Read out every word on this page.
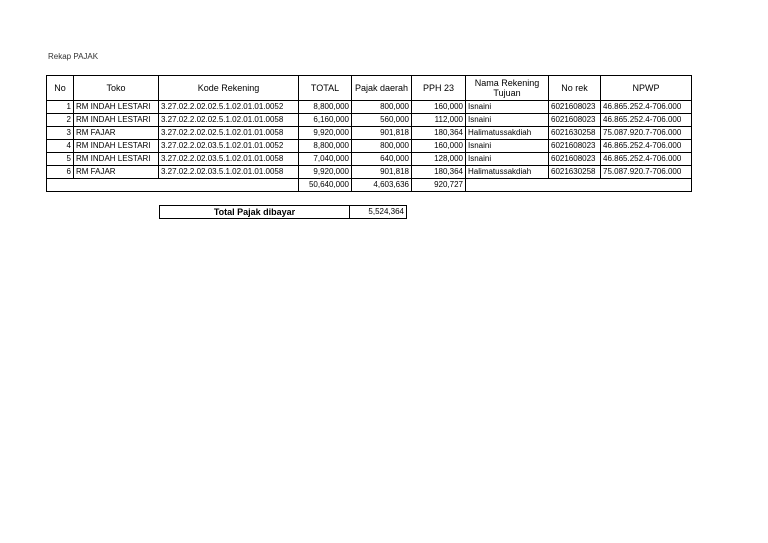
Rekap PAJAK
No	Toko	Kode Rekening	TOTAL	Pajak daerah	PPH 23	Nama Rekening Tujuan	No rek	NPWP
1	RM INDAH LESTARI	3.27.02.2.02.02.5.1.02.01.01.0052	8,800,000	800,000	160,000	Isnaini	6021608023	46.865.252.4-706.000
2	RM INDAH LESTARI	3.27.02.2.02.02.5.1.02.01.01.0058	6,160,000	560,000	112,000	Isnaini	6021608023	46.865.252.4-706.000
3	RM FAJAR	3.27.02.2.02.02.5.1.02.01.01.0058	9,920,000	901,818	180,364	Halimatussakdiah	6021630258	75.087.920.7-706.000
4	RM INDAH LESTARI	3.27.02.2.02.03.5.1.02.01.01.0052	8,800,000	800,000	160,000	Isnaini	6021608023	46.865.252.4-706.000
5	RM INDAH LESTARI	3.27.02.2.02.03.5.1.02.01.01.0058	7,040,000	640,000	128,000	Isnaini	6021608023	46.865.252.4-706.000
6	RM FAJAR	3.27.02.2.02.03.5.1.02.01.01.0058	9,920,000	901,818	180,364	Halimatussakdiah	6021630258	75.087.920.7-706.000
			50,640,000	4,603,636	920,727			
Total Pajak dibayar	5,524,364
